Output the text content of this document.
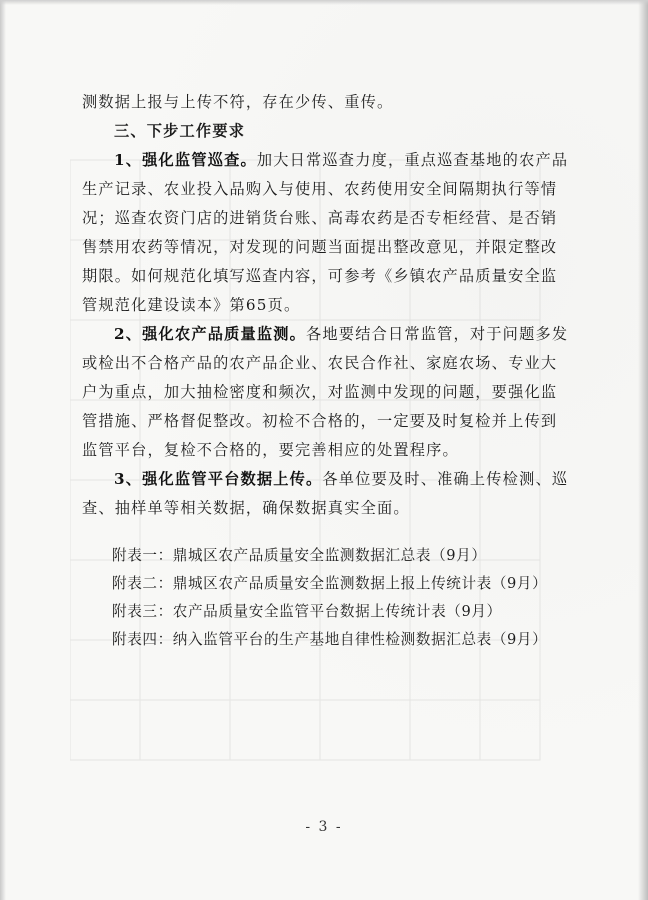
测数据上报与上传不符，存在少传、重传。
三、下步工作要求
1、强化监管巡查。加大日常巡查力度，重点巡查基地的农产品
生产记录、农业投入品购入与使用、农药使用安全间隔期执行等情
况；巡查农资门店的进销货台账、高毒农药是否专柜经营、是否销
售禁用农药等情况，对发现的问题当面提出整改意见，并限定整改
期限。如何规范化填写巡查内容，可参考《乡镇农产品质量安全监
管规范化建设读本》第65页。
2、强化农产品质量监测。各地要结合日常监管，对于问题多发
或检出不合格产品的农产品企业、农民合作社、家庭农场、专业大
户为重点，加大抽检密度和频次，对监测中发现的问题，要强化监
管措施、严格督促整改。初检不合格的，一定要及时复检并上传到
监管平台，复检不合格的，要完善相应的处置程序。
3、强化监管平台数据上传。各单位要及时、准确上传检测、巡
查、抽样单等相关数据，确保数据真实全面。
附表一：鼎城区农产品质量安全监测数据汇总表（9月）
附表二：鼎城区农产品质量安全监测数据上报上传统计表（9月）
附表三：农产品质量安全监管平台数据上传统计表（9月）
附表四：纳入监管平台的生产基地自律性检测数据汇总表（9月）
- 3 -
